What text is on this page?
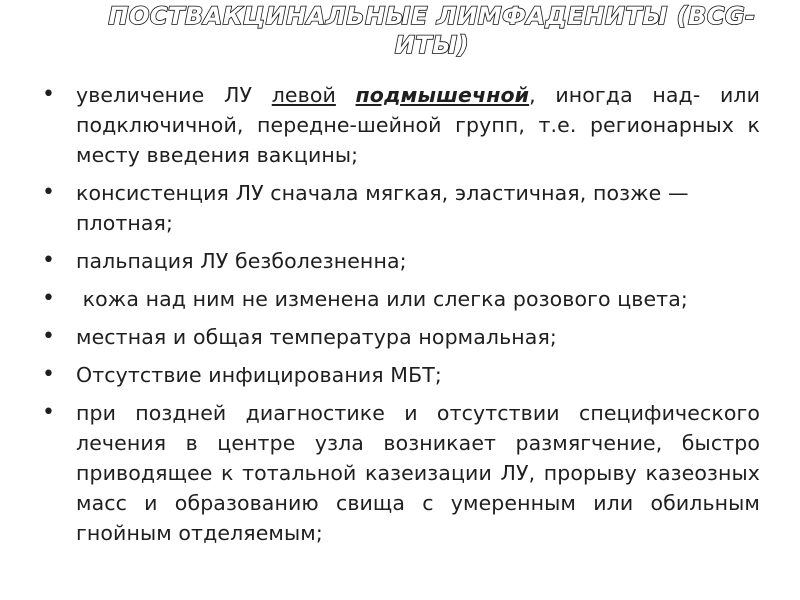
ПОСТВАКЦИНАЛЬНЫЕ ЛИМФАДЕНИТЫ (BCG-
ИТЫ)
• увеличение ЛУ левой подмышечной, иногда над- или подключичной, передне-шейной групп, т.е. регионарных к месту введения вакцины;
• консистенция ЛУ сначала мягкая, эластичная, позже — плотная;
• пальпация ЛУ безболезненна;
• кожа над ним не изменена или слегка розового цвета;
• местная и общая температура нормальная;
• Отсутствие инфицирования МБТ;
• при поздней диагностике и отсутствии специфического лечения в центре узла возникает размягчение, быстро приводящее к тотальной казеизации ЛУ, прорыву казеозных масс и образованию свища с умеренным или обильным гнойным отделяемым;
